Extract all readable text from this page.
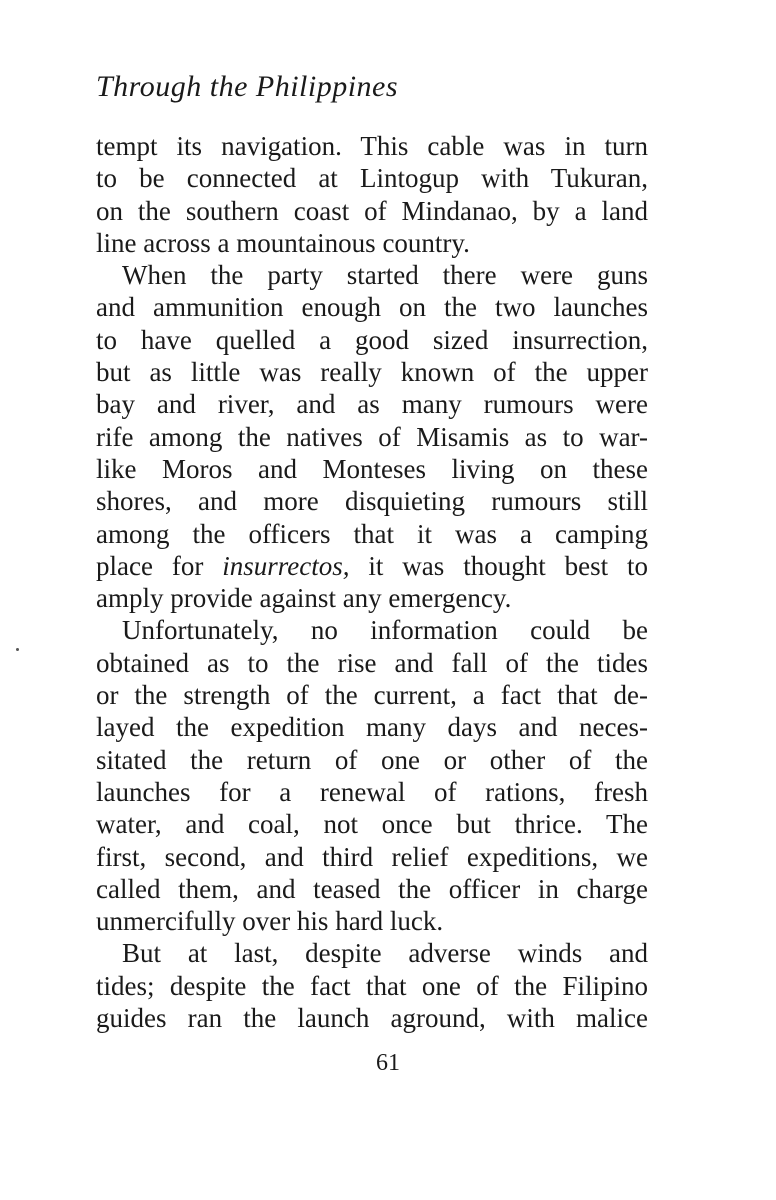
Through the Philippines
tempt its navigation. This cable was in turn
to be connected at Lintogup with Tukuran,
on the southern coast of Mindanao, by a land
line across a mountainous country.
When the party started there were guns
and ammunition enough on the two launches
to have quelled a good sized insurrection,
but as little was really known of the upper
bay and river, and as many rumours were
rife among the natives of Misamis as to war-
like Moros and Monteses living on these
shores, and more disquieting rumours still
among the officers that it was a camping
place for insurrectos, it was thought best to
amply provide against any emergency.
Unfortunately, no information could be
obtained as to the rise and fall of the tides
or the strength of the current, a fact that de-
layed the expedition many days and neces-
sitated the return of one or other of the
launches for a renewal of rations, fresh
water, and coal, not once but thrice. The
first, second, and third relief expeditions, we
called them, and teased the officer in charge
unmercifully over his hard luck.
But at last, despite adverse winds and
tides; despite the fact that one of the Filipino
guides ran the launch aground, with malice
61
